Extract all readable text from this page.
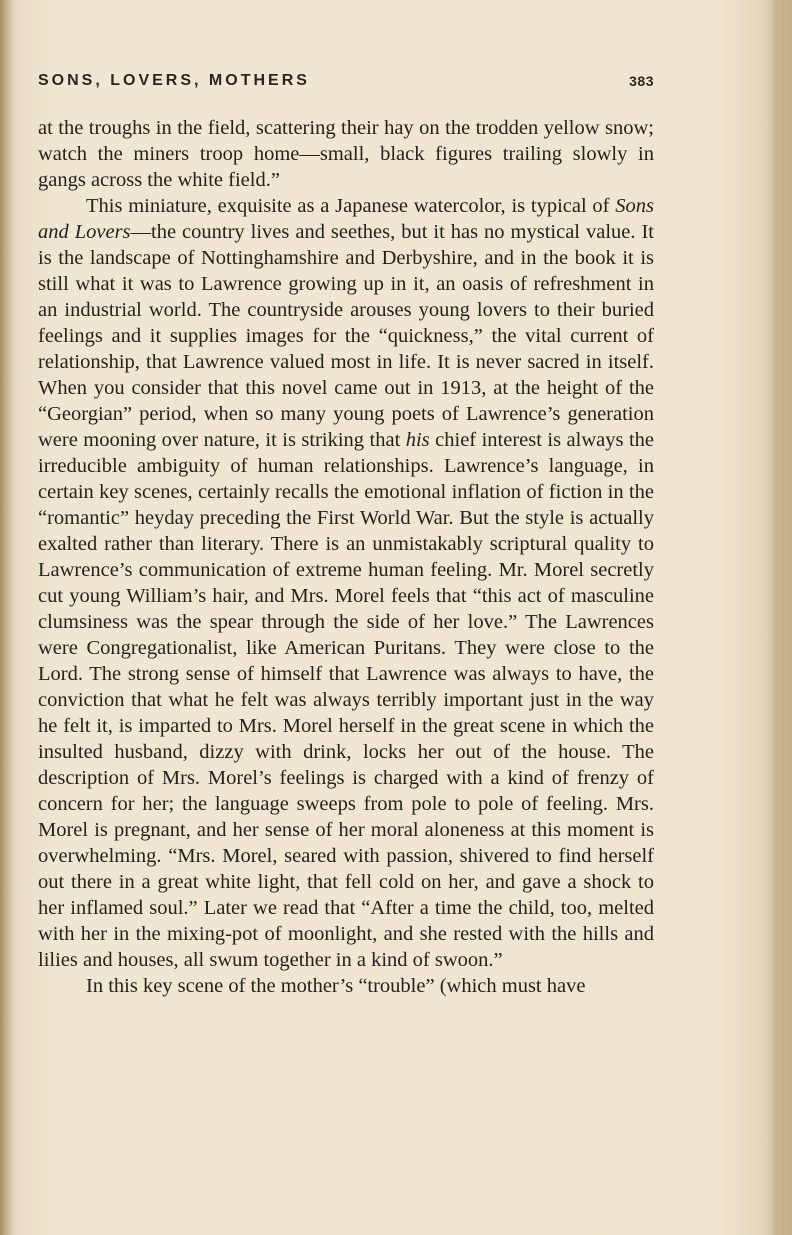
SONS, LOVERS, MOTHERS	383

at the troughs in the field, scattering their hay on the trodden yellow snow; watch the miners troop home—small, black figures trailing slowly in gangs across the white field.”

This miniature, exquisite as a Japanese watercolor, is typical of Sons and Lovers—the country lives and seethes, but it has no mystical value. It is the landscape of Nottinghamshire and Derbyshire, and in the book it is still what it was to Lawrence growing up in it, an oasis of refreshment in an industrial world. The countryside arouses young lovers to their buried feelings and it supplies images for the “quickness,” the vital current of relationship, that Lawrence valued most in life. It is never sacred in itself. When you consider that this novel came out in 1913, at the height of the “Georgian” period, when so many young poets of Lawrence’s generation were mooning over nature, it is striking that his chief interest is always the irreducible ambiguity of human relationships. Lawrence’s language, in certain key scenes, certainly recalls the emotional inflation of fiction in the “romantic” heyday preceding the First World War. But the style is actually exalted rather than literary. There is an unmistakably scriptural quality to Lawrence’s communication of extreme human feeling. Mr. Morel secretly cut young William’s hair, and Mrs. Morel feels that “this act of masculine clumsiness was the spear through the side of her love.” The Lawrences were Congregationalist, like American Puritans. They were close to the Lord. The strong sense of himself that Lawrence was always to have, the conviction that what he felt was always terribly important just in the way he felt it, is imparted to Mrs. Morel herself in the great scene in which the insulted husband, dizzy with drink, locks her out of the house. The description of Mrs. Morel’s feelings is charged with a kind of frenzy of concern for her; the language sweeps from pole to pole of feeling. Mrs. Morel is pregnant, and her sense of her moral aloneness at this moment is overwhelming. “Mrs. Morel, seared with passion, shivered to find herself out there in a great white light, that fell cold on her, and gave a shock to her inflamed soul.” Later we read that “After a time the child, too, melted with her in the mixing-pot of moonlight, and she rested with the hills and lilies and houses, all swum together in a kind of swoon.”

In this key scene of the mother’s “trouble” (which must have
